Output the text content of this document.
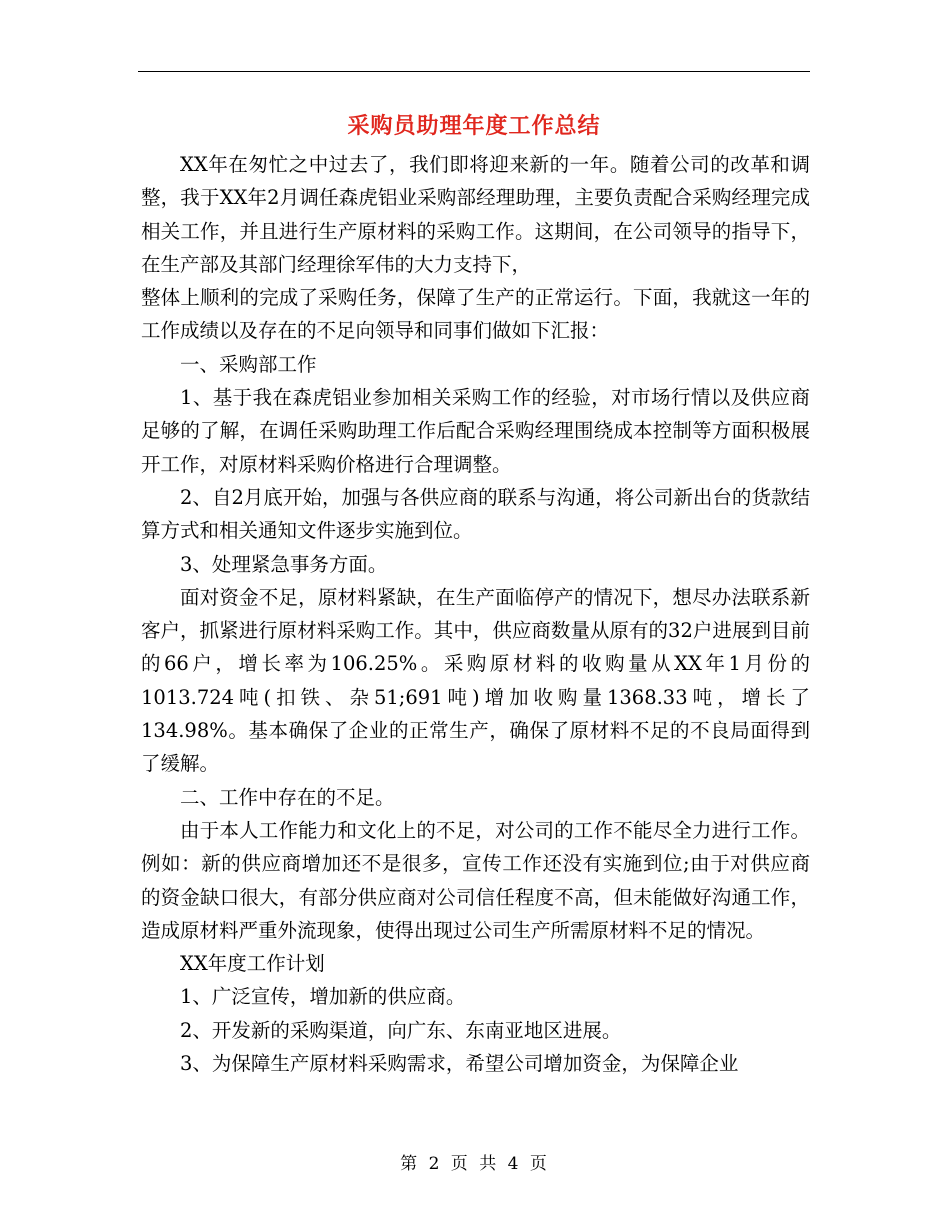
采购员助理年度工作总结

XX年在匆忙之中过去了，我们即将迎来新的一年。随着公司的改革和调整，我于XX年2月调任森虎铝业采购部经理助理，主要负责配合采购经理完成相关工作，并且进行生产原材料的采购工作。这期间，在公司领导的指导下，在生产部及其部门经理徐军伟的大力支持下，

整体上顺利的完成了采购任务，保障了生产的正常运行。下面，我就这一年的工作成绩以及存在的不足向领导和同事们做如下汇报：

一、采购部工作

1、基于我在森虎铝业参加相关采购工作的经验，对市场行情以及供应商足够的了解，在调任采购助理工作后配合采购经理围绕成本控制等方面积极展开工作，对原材料采购价格进行合理调整。

2、自2月底开始，加强与各供应商的联系与沟通，将公司新出台的货款结算方式和相关通知文件逐步实施到位。

3、处理紧急事务方面。

面对资金不足，原材料紧缺，在生产面临停产的情况下，想尽办法联系新客户，抓紧进行原材料采购工作。其中，供应商数量从原有的32户进展到目前的66户，增长率为106.25%。采购原材料的收购量从XX年1月份的1013.724吨(扣铁、杂51;691吨)增加收购量1368.33吨，增长了134.98%。基本确保了企业的正常生产，确保了原材料不足的不良局面得到了缓解。

二、工作中存在的不足。

由于本人工作能力和文化上的不足，对公司的工作不能尽全力进行工作。例如：新的供应商增加还不是很多，宣传工作还没有实施到位;由于对供应商的资金缺口很大，有部分供应商对公司信任程度不高，但未能做好沟通工作，造成原材料严重外流现象，使得出现过公司生产所需原材料不足的情况。

XX年度工作计划

1、广泛宣传，增加新的供应商。

2、开发新的采购渠道，向广东、东南亚地区进展。

3、为保障生产原材料采购需求，希望公司增加资金，为保障企业

第 2 页 共 4 页
